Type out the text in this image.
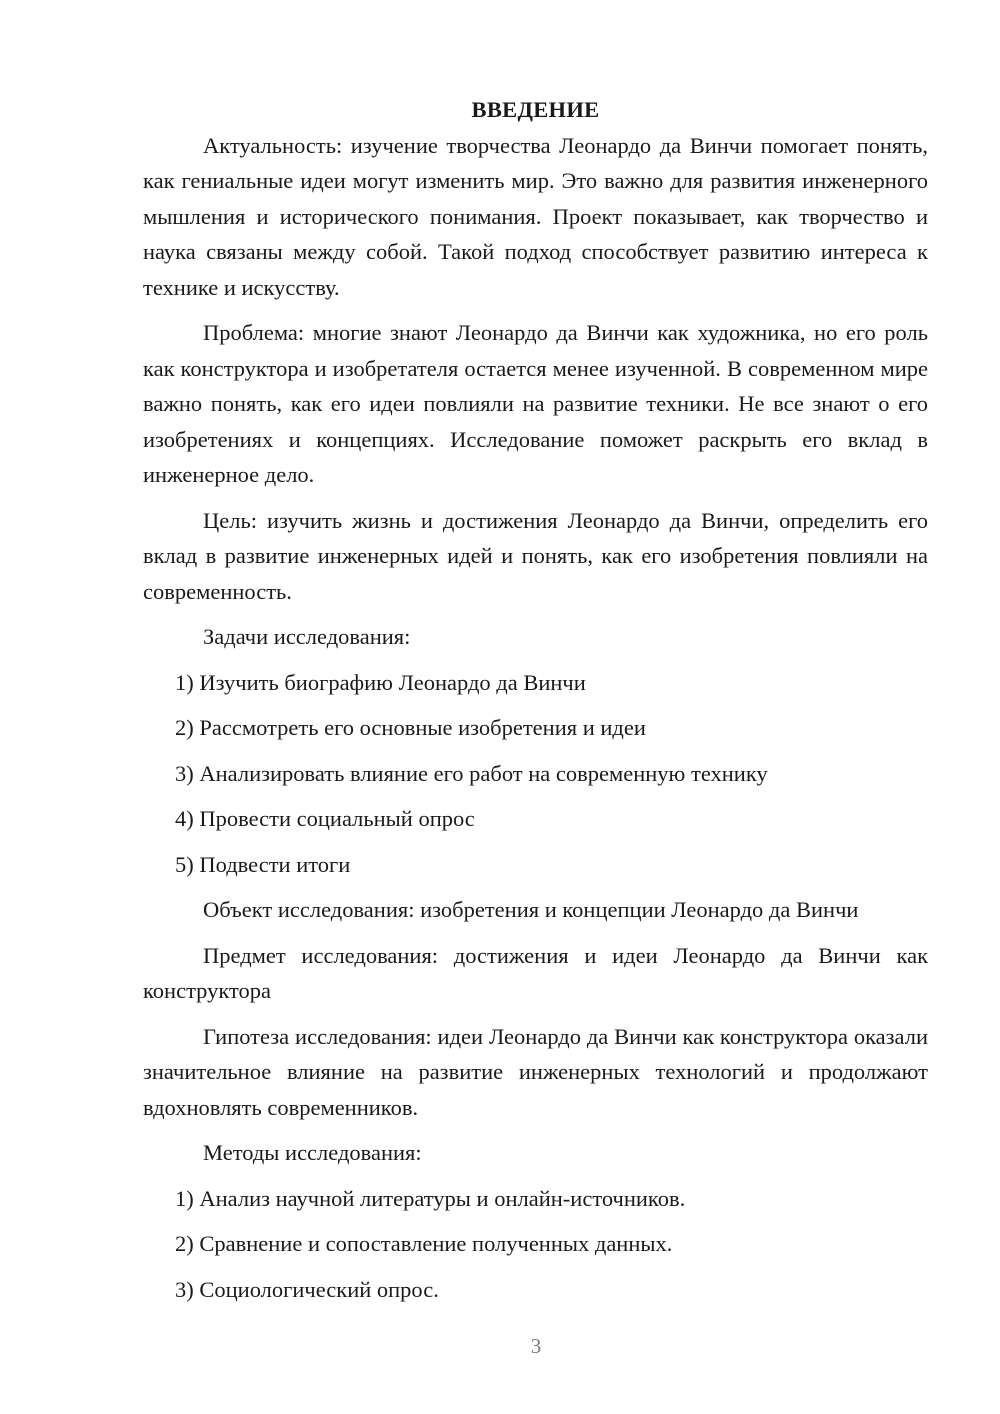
ВВЕДЕНИЕ

Актуальность: изучение творчества Леонардо да Винчи помогает понять, как гениальные идеи могут изменить мир. Это важно для развития инженерного мышления и исторического понимания. Проект показывает, как творчество и наука связаны между собой. Такой подход способствует развитию интереса к технике и искусству.

Проблема: многие знают Леонардо да Винчи как художника, но его роль как конструктора и изобретателя остается менее изученной. В современном мире важно понять, как его идеи повлияли на развитие техники. Не все знают о его изобретениях и концепциях. Исследование поможет раскрыть его вклад в инженерное дело.

Цель: изучить жизнь и достижения Леонардо да Винчи, определить его вклад в развитие инженерных идей и понять, как его изобретения повлияли на современность.

Задачи исследования:

1) Изучить биографию Леонардо да Винчи
2) Рассмотреть его основные изобретения и идеи
3) Анализировать влияние его работ на современную технику
4) Провести социальный опрос
5) Подвести итоги

Объект исследования: изобретения и концепции Леонардо да Винчи

Предмет исследования: достижения и идеи Леонардо да Винчи как конструктора

Гипотеза исследования: идеи Леонардо да Винчи как конструктора оказали значительное влияние на развитие инженерных технологий и продолжают вдохновлять современников.

Методы исследования:

1) Анализ научной литературы и онлайн-источников.
2) Сравнение и сопоставление полученных данных.
3) Социологический опрос.
3
